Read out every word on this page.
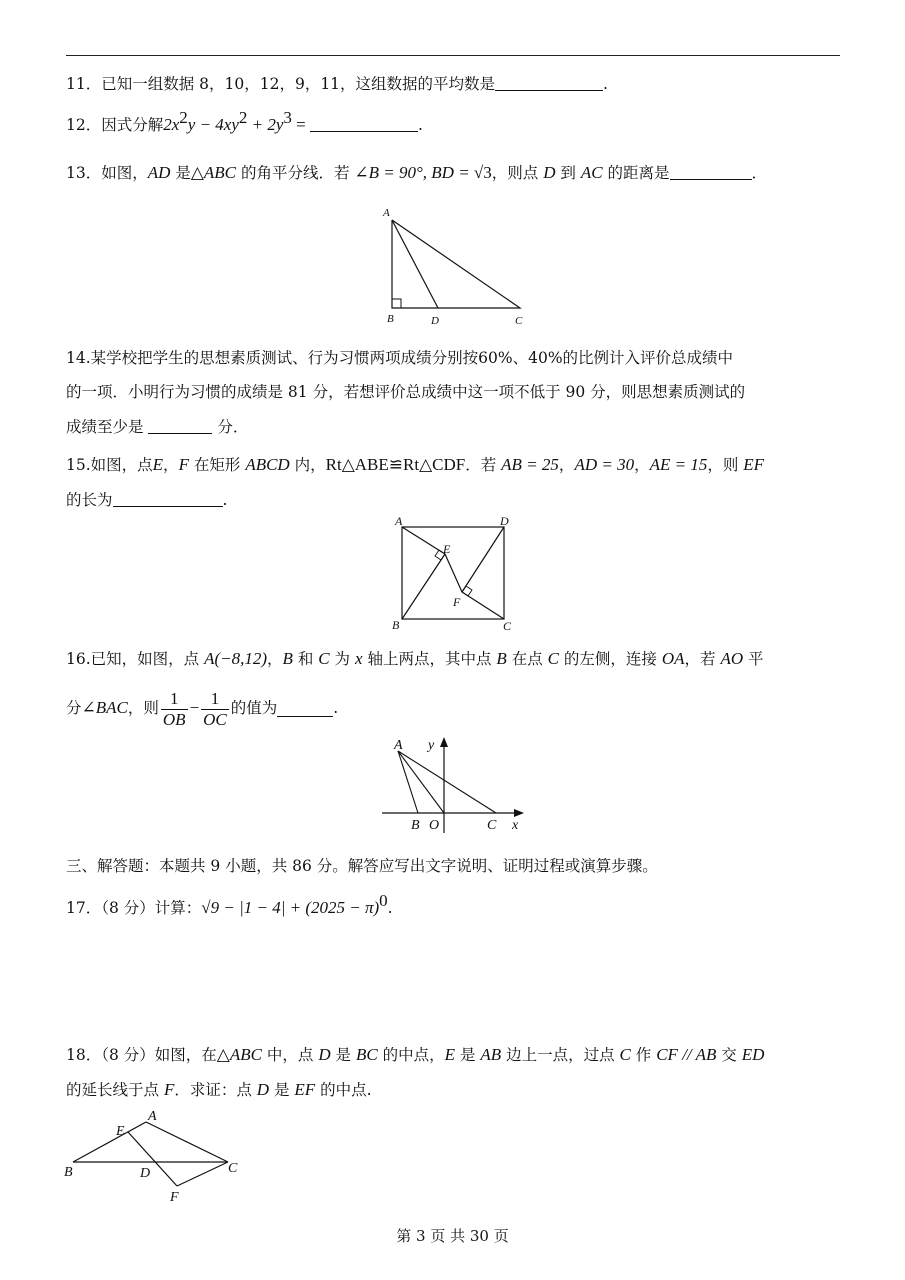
11．已知一组数据 8，10，12，9，11，这组数据的平均数是	.
12．因式分解$2x^2y - 4xy^2 + 2y^3$ =	.
13．如图，AD 是△ABC 的角平分线．若 ∠B = 90°, BD = √3，则点 D 到 AC 的距离是	．
A
B	D	C
14.某学校把学生的思想素质测试、行为习惯两项成绩分别按60%、40%的比例计入评价总成绩中
的一项．小明行为习惯的成绩是 81 分，若想评价总成绩中这一项不低于 90 分，则思想素质测试的
成绩至少是	分．
15.如图，点E，F 在矩形 ABCD 内，Rt△ABE≌Rt△CDF．若 AB = 25，AD = 30，AE = 15，则 EF
的长为	.
A	D
B	C
E
F
16.已知，如图，点 A(−8,12)，B 和 C 为 x 轴上两点，其中点 B 在点 C 的左侧，连接 OA，若 AO 平
分∠BAC，则 $\frac{1}{OB} - \frac{1}{OC}$ 的值为	.
A y
B O	C x
三、解答题：本题共 9 小题，共 86 分。解答应写出文字说明、证明过程或演算步骤。
17．（8 分）计算：$√9 - |1 - 4| + (2025 - \pi)^0$.
18．（8 分）如图，在△ABC 中，点 D 是 BC 的中点，E 是 AB 边上一点，过点 C 作 CF // AB 交 ED
的延长线于点 F．求证：点 D 是 EF 的中点.
A
E
B	D	C
F
第 3 页 共 30 页
